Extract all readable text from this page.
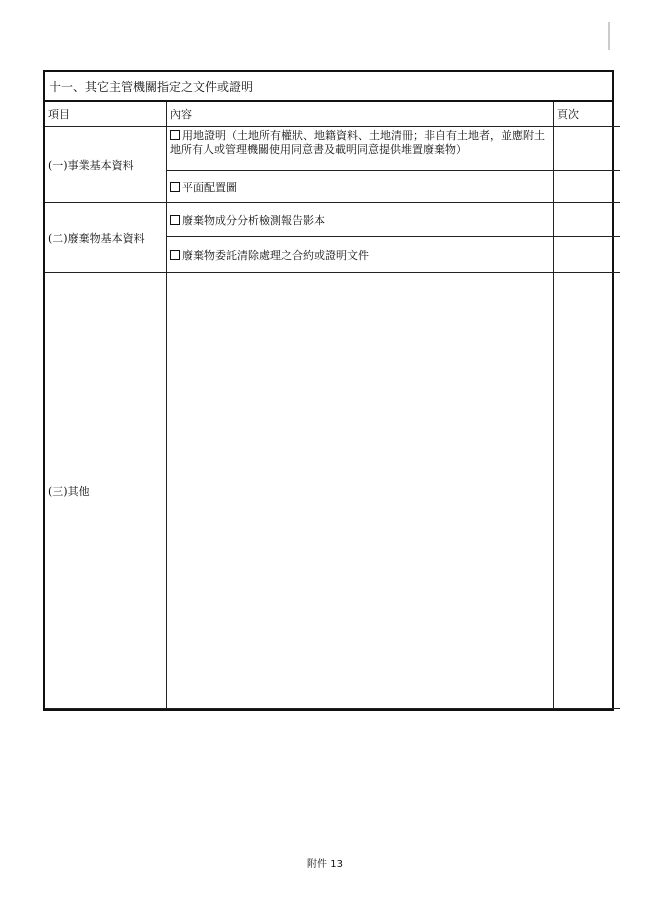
十一、其它主管機關指定之文件或證明
項目	內容	頁次
(一)事業基本資料	用地證明（土地所有權狀、地籍資料、土地清冊；非自有土地者，並應附土地所有人或管理機關使用同意書及載明同意提供堆置廢棄物）	
	平面配置圖	
(二)廢棄物基本資料	廢棄物成分分析檢測報告影本	
	廢棄物委託清除處理之合約或證明文件	
(三)其他		
附件 13
